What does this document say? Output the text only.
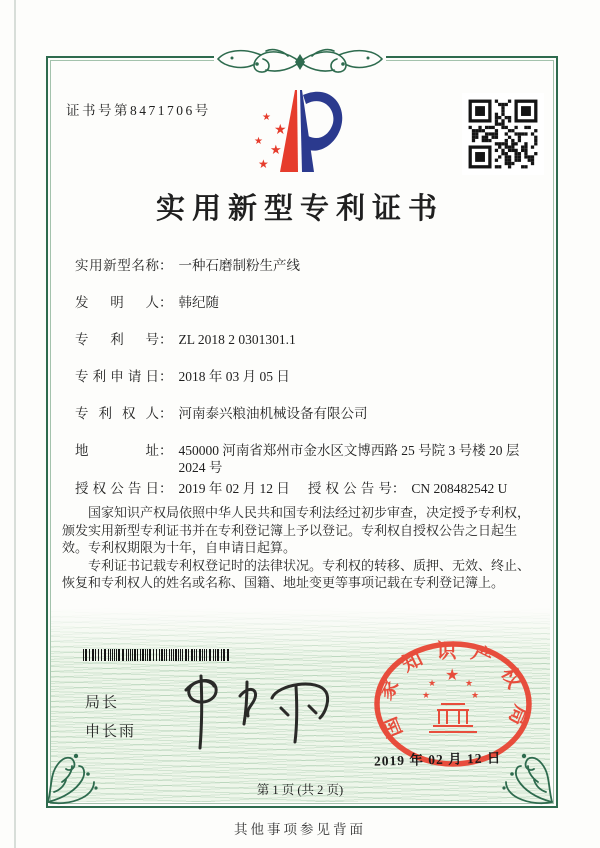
证书号第8471706号	★
★
★
★
★
实用新型专利证书
实用新型名称 ： 一种石磨制粉生产线
发明人 ： 韩纪随
专利号 ： ZL 2018 2 0301301.1
专利申请日 ： 2018 年 03 月 05 日
专利权人 ： 河南泰兴粮油机械设备有限公司
地址 ： 450000 河南省郑州市金水区文博西路 25 号院 3 号楼 20 层 2024 号
授权公告日 ： 2019 年 02 月 12 日 授权公告号 ： CN 208482542 U

国家知识产权局依照中华人民共和国专利法经过初步审查，决定授予专利权，颁发实用新型专利证书并在专利登记簿上予以登记。专利权自授权公告之日起生效。专利权期限为十年，自申请日起算。

专利证书记载专利权登记时的法律状况。专利权的转移、质押、无效、终止、恢复和专利权人的姓名或名称、国籍、地址变更等事项记载在专利登记簿上。

局长
申长雨	国家知识产权局
★
★	★
★	★
2019 年 02 月 12 日
第 1 页 (共 2 页)
其他事项参见背面
